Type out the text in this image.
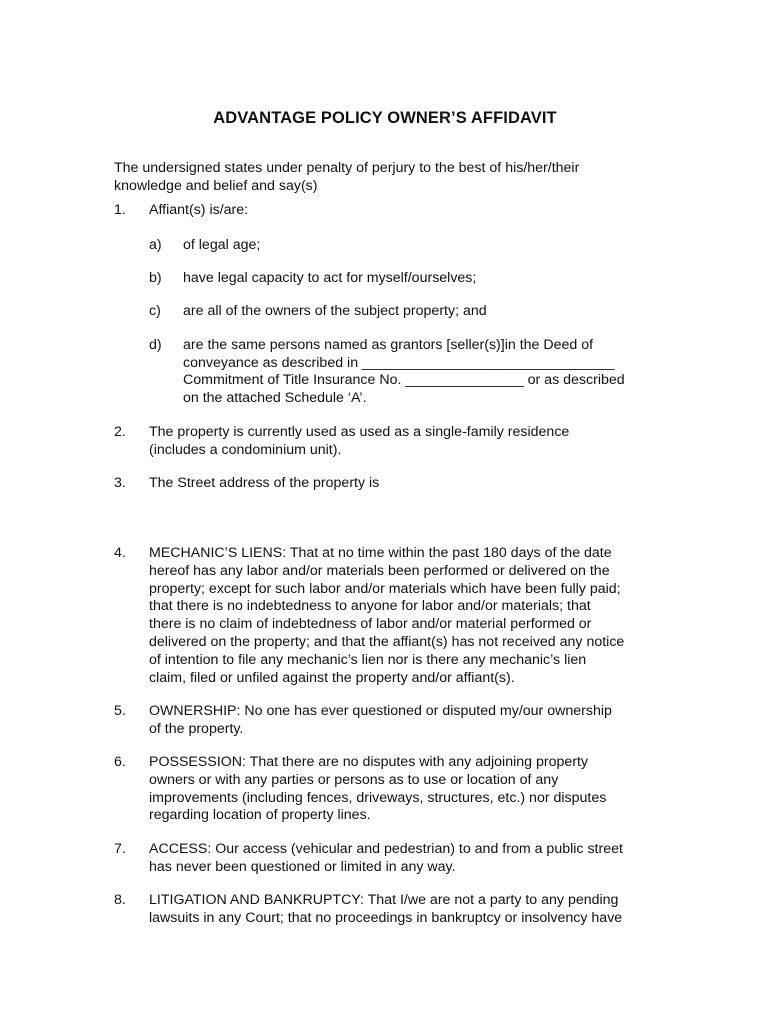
ADVANTAGE POLICY OWNER’S AFFIDAVIT
The undersigned states under penalty of perjury to the best of his/her/their
knowledge and belief and say(s)
1. Affiant(s) is/are:
a) of legal age;
b) have legal capacity to act for myself/ourselves;
c) are all of the owners of the subject property; and
d) are the same persons named as grantors [seller(s)]in the Deed of
conveyance as described in ________________________________
Commitment of Title Insurance No. _______________ or as described
on the attached Schedule ‘A’.
2. The property is currently used as used as a single-family residence
(includes a condominium unit).
3. The Street address of the property is
4. MECHANIC’S LIENS: That at no time within the past 180 days of the date
hereof has any labor and/or materials been performed or delivered on the
property; except for such labor and/or materials which have been fully paid;
that there is no indebtedness to anyone for labor and/or materials; that
there is no claim of indebtedness of labor and/or material performed or
delivered on the property; and that the affiant(s) has not received any notice
of intention to file any mechanic’s lien nor is there any mechanic’s lien
claim, filed or unfiled against the property and/or affiant(s).
5. OWNERSHIP: No one has ever questioned or disputed my/our ownership
of the property.
6. POSSESSION: That there are no disputes with any adjoining property
owners or with any parties or persons as to use or location of any
improvements (including fences, driveways, structures, etc.) nor disputes
regarding location of property lines.
7. ACCESS: Our access (vehicular and pedestrian) to and from a public street
has never been questioned or limited in any way.
8. LITIGATION AND BANKRUPTCY: That I/we are not a party to any pending
lawsuits in any Court; that no proceedings in bankruptcy or insolvency have
